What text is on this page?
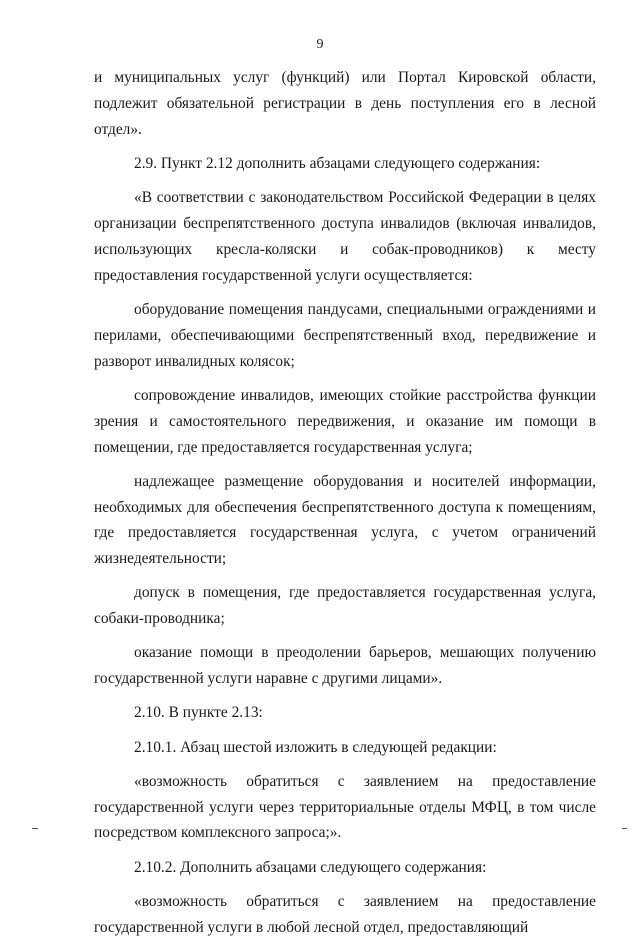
9

и муниципальных услуг (функций) или Портал Кировской области, подлежит обязательной регистрации в день поступления его в лесной отдел».

2.9. Пункт 2.12 дополнить абзацами следующего содержания:

«В соответствии с законодательством Российской Федерации в целях организации беспрепятственного доступа инвалидов (включая инвалидов, использующих кресла-коляски и собак-проводников) к месту предоставления государственной услуги осуществляется:

оборудование помещения пандусами, специальными ограждениями и перилами, обеспечивающими беспрепятственный вход, передвижение и разворот инвалидных колясок;

сопровождение инвалидов, имеющих стойкие расстройства функции зрения и самостоятельного передвижения, и оказание им помощи в помещении, где предоставляется государственная услуга;

надлежащее размещение оборудования и носителей информации, необходимых для обеспечения беспрепятственного доступа к помещениям, где предоставляется государственная услуга, с учетом ограничений жизнедеятельности;

допуск в помещения, где предоставляется государственная услуга, собаки-проводника;

оказание помощи в преодолении барьеров, мешающих получению государственной услуги наравне с другими лицами».

2.10. В пункте 2.13:

2.10.1. Абзац шестой изложить в следующей редакции:

«возможность обратиться с заявлением на предоставление государственной услуги через территориальные отделы МФЦ, в том числе посредством комплексного запроса;».

2.10.2. Дополнить абзацами следующего содержания:

«возможность обратиться с заявлением на предоставление государственной услуги в любой лесной отдел, предоставляющий
